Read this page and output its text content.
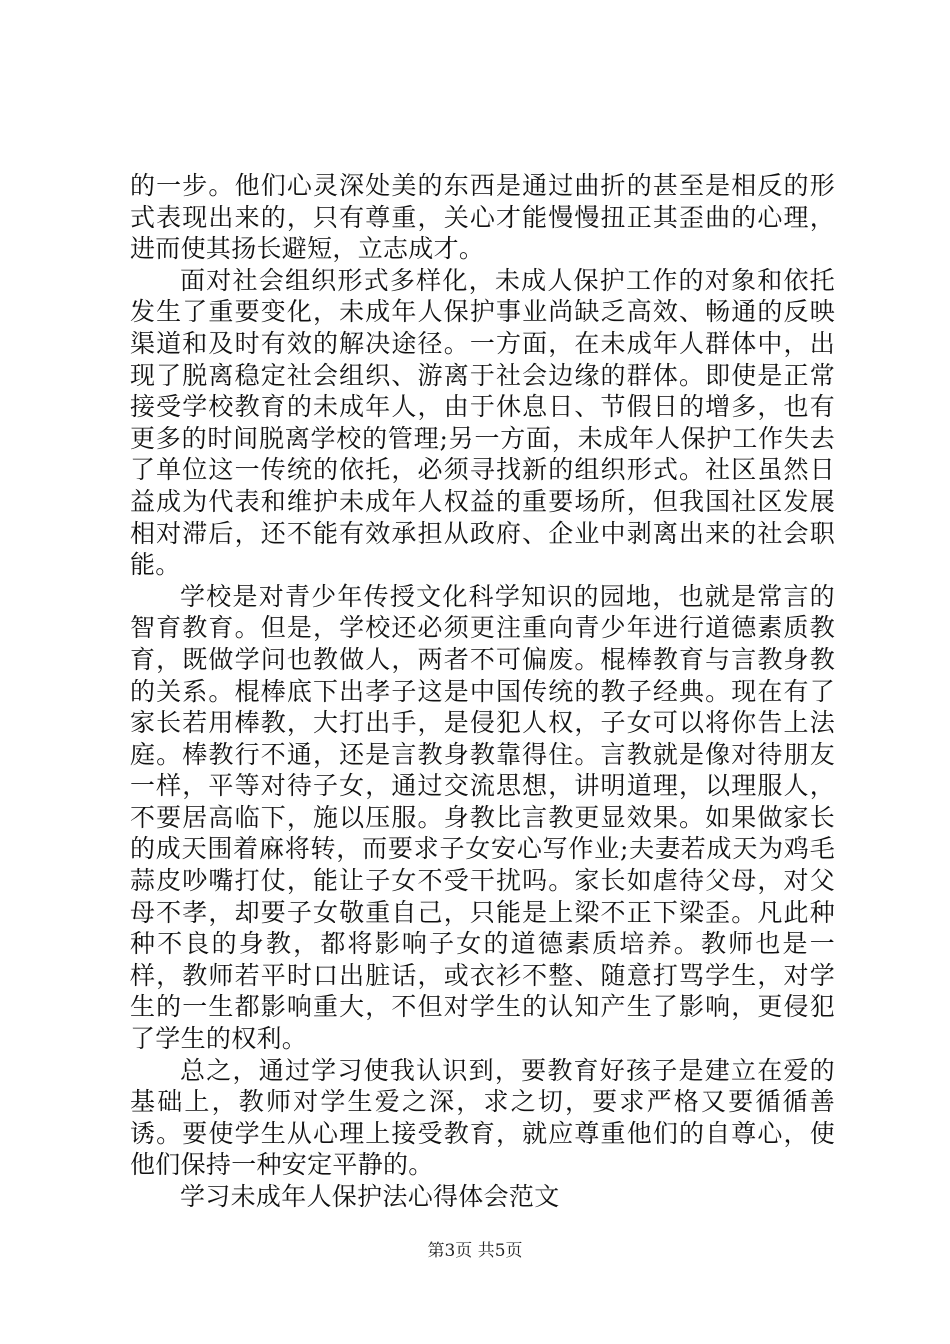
的一步。他们心灵深处美的东西是通过曲折的甚至是相反的形式表现出来的，只有尊重，关心才能慢慢扭正其歪曲的心理，进而使其扬长避短，立志成才。

面对社会组织形式多样化，未成人保护工作的对象和依托发生了重要变化，未成年人保护事业尚缺乏高效、畅通的反映渠道和及时有效的解决途径。一方面，在未成年人群体中，出现了脱离稳定社会组织、游离于社会边缘的群体。即使是正常接受学校教育的未成年人，由于休息日、节假日的增多，也有更多的时间脱离学校的管理;另一方面，未成年人保护工作失去了单位这一传统的依托，必须寻找新的组织形式。社区虽然日益成为代表和维护未成年人权益的重要场所，但我国社区发展相对滞后，还不能有效承担从政府、企业中剥离出来的社会职能。

学校是对青少年传授文化科学知识的园地，也就是常言的智育教育。但是，学校还必须更注重向青少年进行道德素质教育，既做学问也教做人，两者不可偏废。棍棒教育与言教身教的关系。棍棒底下出孝子这是中国传统的教子经典。现在有了家长若用棒教，大打出手，是侵犯人权，子女可以将你告上法庭。棒教行不通，还是言教身教靠得住。言教就是像对待朋友一样，平等对待子女，通过交流思想，讲明道理，以理服人，不要居高临下，施以压服。身教比言教更显效果。如果做家长的成天围着麻将转，而要求子女安心写作业;夫妻若成天为鸡毛蒜皮吵嘴打仗，能让子女不受干扰吗。家长如虐待父母，对父母不孝，却要子女敬重自己，只能是上梁不正下梁歪。凡此种种不良的身教，都将影响子女的道德素质培养。教师也是一样，教师若平时口出脏话，或衣衫不整、随意打骂学生，对学生的一生都影响重大，不但对学生的认知产生了影响，更侵犯了学生的权利。

总之，通过学习使我认识到，要教育好孩子是建立在爱的基础上，教师对学生爱之深，求之切，要求严格又要循循善诱。要使学生从心理上接受教育，就应尊重他们的自尊心，使他们保持一种安定平静的。

学习未成年人保护法心得体会范文

第3页 共5页
